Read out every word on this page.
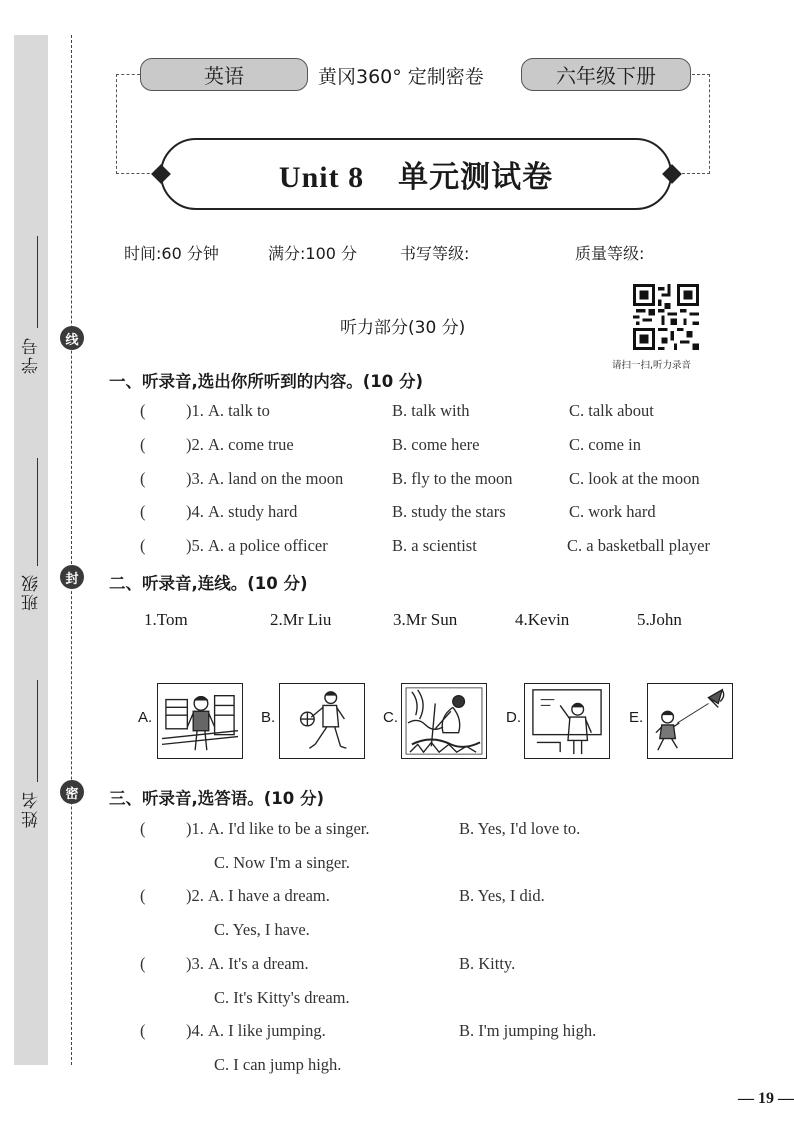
学号
班级
姓名
线
封
密
英语	黄冈360° 定制密卷	六年级下册
Unit 8    单元测试卷
时间:60 分钟	满分:100 分	书写等级:	质量等级:
请扫一扫,听力录音
听力部分(30 分)
一、听录音,选出你所听到的内容。(10 分)
( )1. A. talk to	B. talk with	C. talk about
( )2. A. come true	B. come here	C. come in
( )3. A. land on the moon	B. fly to the moon	C. look at the moon
( )4. A. study hard	B. study the stars	C. work hard
( )5. A. a police officer	B. a scientist	C. a basketball player
二、听录音,连线。(10 分)
1.Tom	2.Mr Liu	3.Mr Sun	4.Kevin	5.John
A.	B.	C.	D.	E.
三、听录音,选答语。(10 分)
( )1. A. I'd like to be a singer.	B. Yes, I'd love to.
C. Now I'm a singer.
( )2. A. I have a dream.	B. Yes, I did.
C. Yes, I have.
( )3. A. It's a dream.	B. Kitty.
C. It's Kitty's dream.
( )4. A. I like jumping.	B. I'm jumping high.
C. I can jump high.
— 19 —
